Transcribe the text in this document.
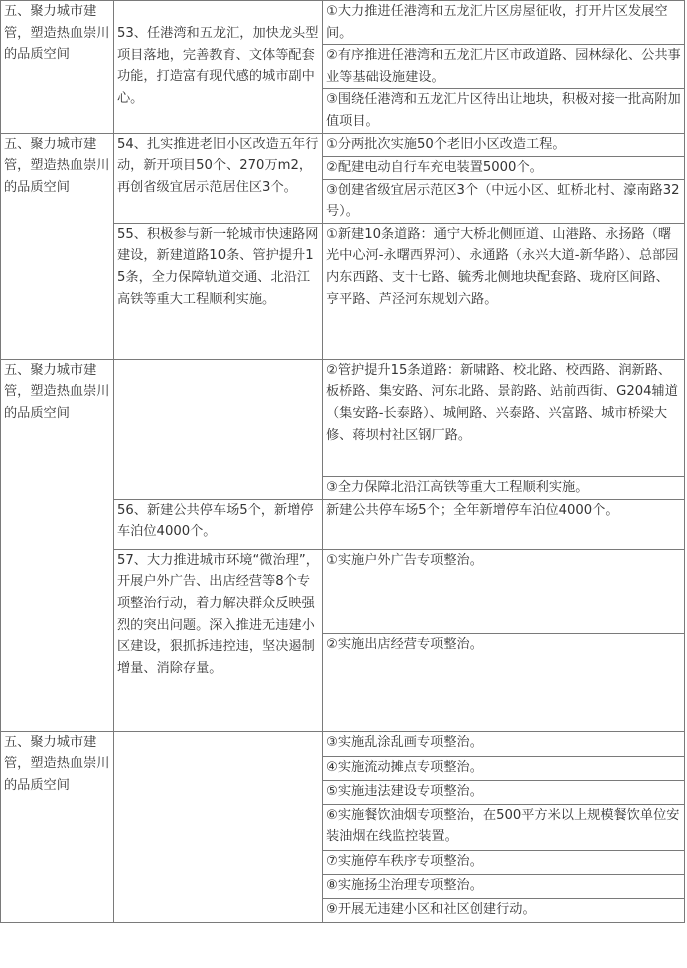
五、聚力城市建管，塑造热血崇川的品质空间	53、任港湾和五龙汇，加快龙头型项目落地，完善教育、文体等配套功能，打造富有现代感的城市副中心。	①大力推进任港湾和五龙汇片区房屋征收，打开片区发展空间。
		②有序推进任港湾和五龙汇片区市政道路、园林绿化、公共事业等基础设施建设。
		③围绕任港湾和五龙汇片区待出让地块，积极对接一批高附加值项目。
五、聚力城市建管，塑造热血崇川的品质空间	54、扎实推进老旧小区改造五年行动，新开项目50个、270万m2，再创省级宜居示范居住区3个。	①分两批次实施50个老旧小区改造工程。
		②配建电动自行车充电装置5000个。
		③创建省级宜居示范区3个（中远小区、虹桥北村、濠南路32号）。
	55、积极参与新一轮城市快速路网建设，新建道路10条、管护提升15条，全力保障轨道交通、北沿江高铁等重大工程顺利实施。	①新建10条道路：通宁大桥北侧匝道、山港路、永扬路（曙光中心河-永曙西界河）、永通路（永兴大道-新华路）、总部园内东西路、支十七路、毓秀北侧地块配套路、珑府区间路、亨平路、芦泾河东规划六路。
五、聚力城市建管，塑造热血崇川的品质空间		②管护提升15条道路：新啸路、校北路、校西路、润新路、板桥路、集安路、河东北路、景韵路、站前西街、G204辅道（集安路-长泰路）、城闸路、兴泰路、兴富路、城市桥梁大修、蒋坝村社区钢厂路。
		③全力保障北沿江高铁等重大工程顺利实施。
	56、新建公共停车场5个，新增停车泊位4000个。	新建公共停车场5个；全年新增停车泊位4000个。
	57、大力推进城市环境“微治理”，开展户外广告、出店经营等8个专项整治行动，着力解决群众反映强烈的突出问题。深入推进无违建小区建设，狠抓拆违控违，坚决遏制增量、消除存量。	①实施户外广告专项整治。
		②实施出店经营专项整治。
五、聚力城市建管，塑造热血崇川的品质空间		③实施乱涂乱画专项整治。
		④实施流动摊点专项整治。
		⑤实施违法建设专项整治。
		⑥实施餐饮油烟专项整治，在500平方米以上规模餐饮单位安装油烟在线监控装置。
		⑦实施停车秩序专项整治。
		⑧实施扬尘治理专项整治。
		⑨开展无违建小区和社区创建行动。
